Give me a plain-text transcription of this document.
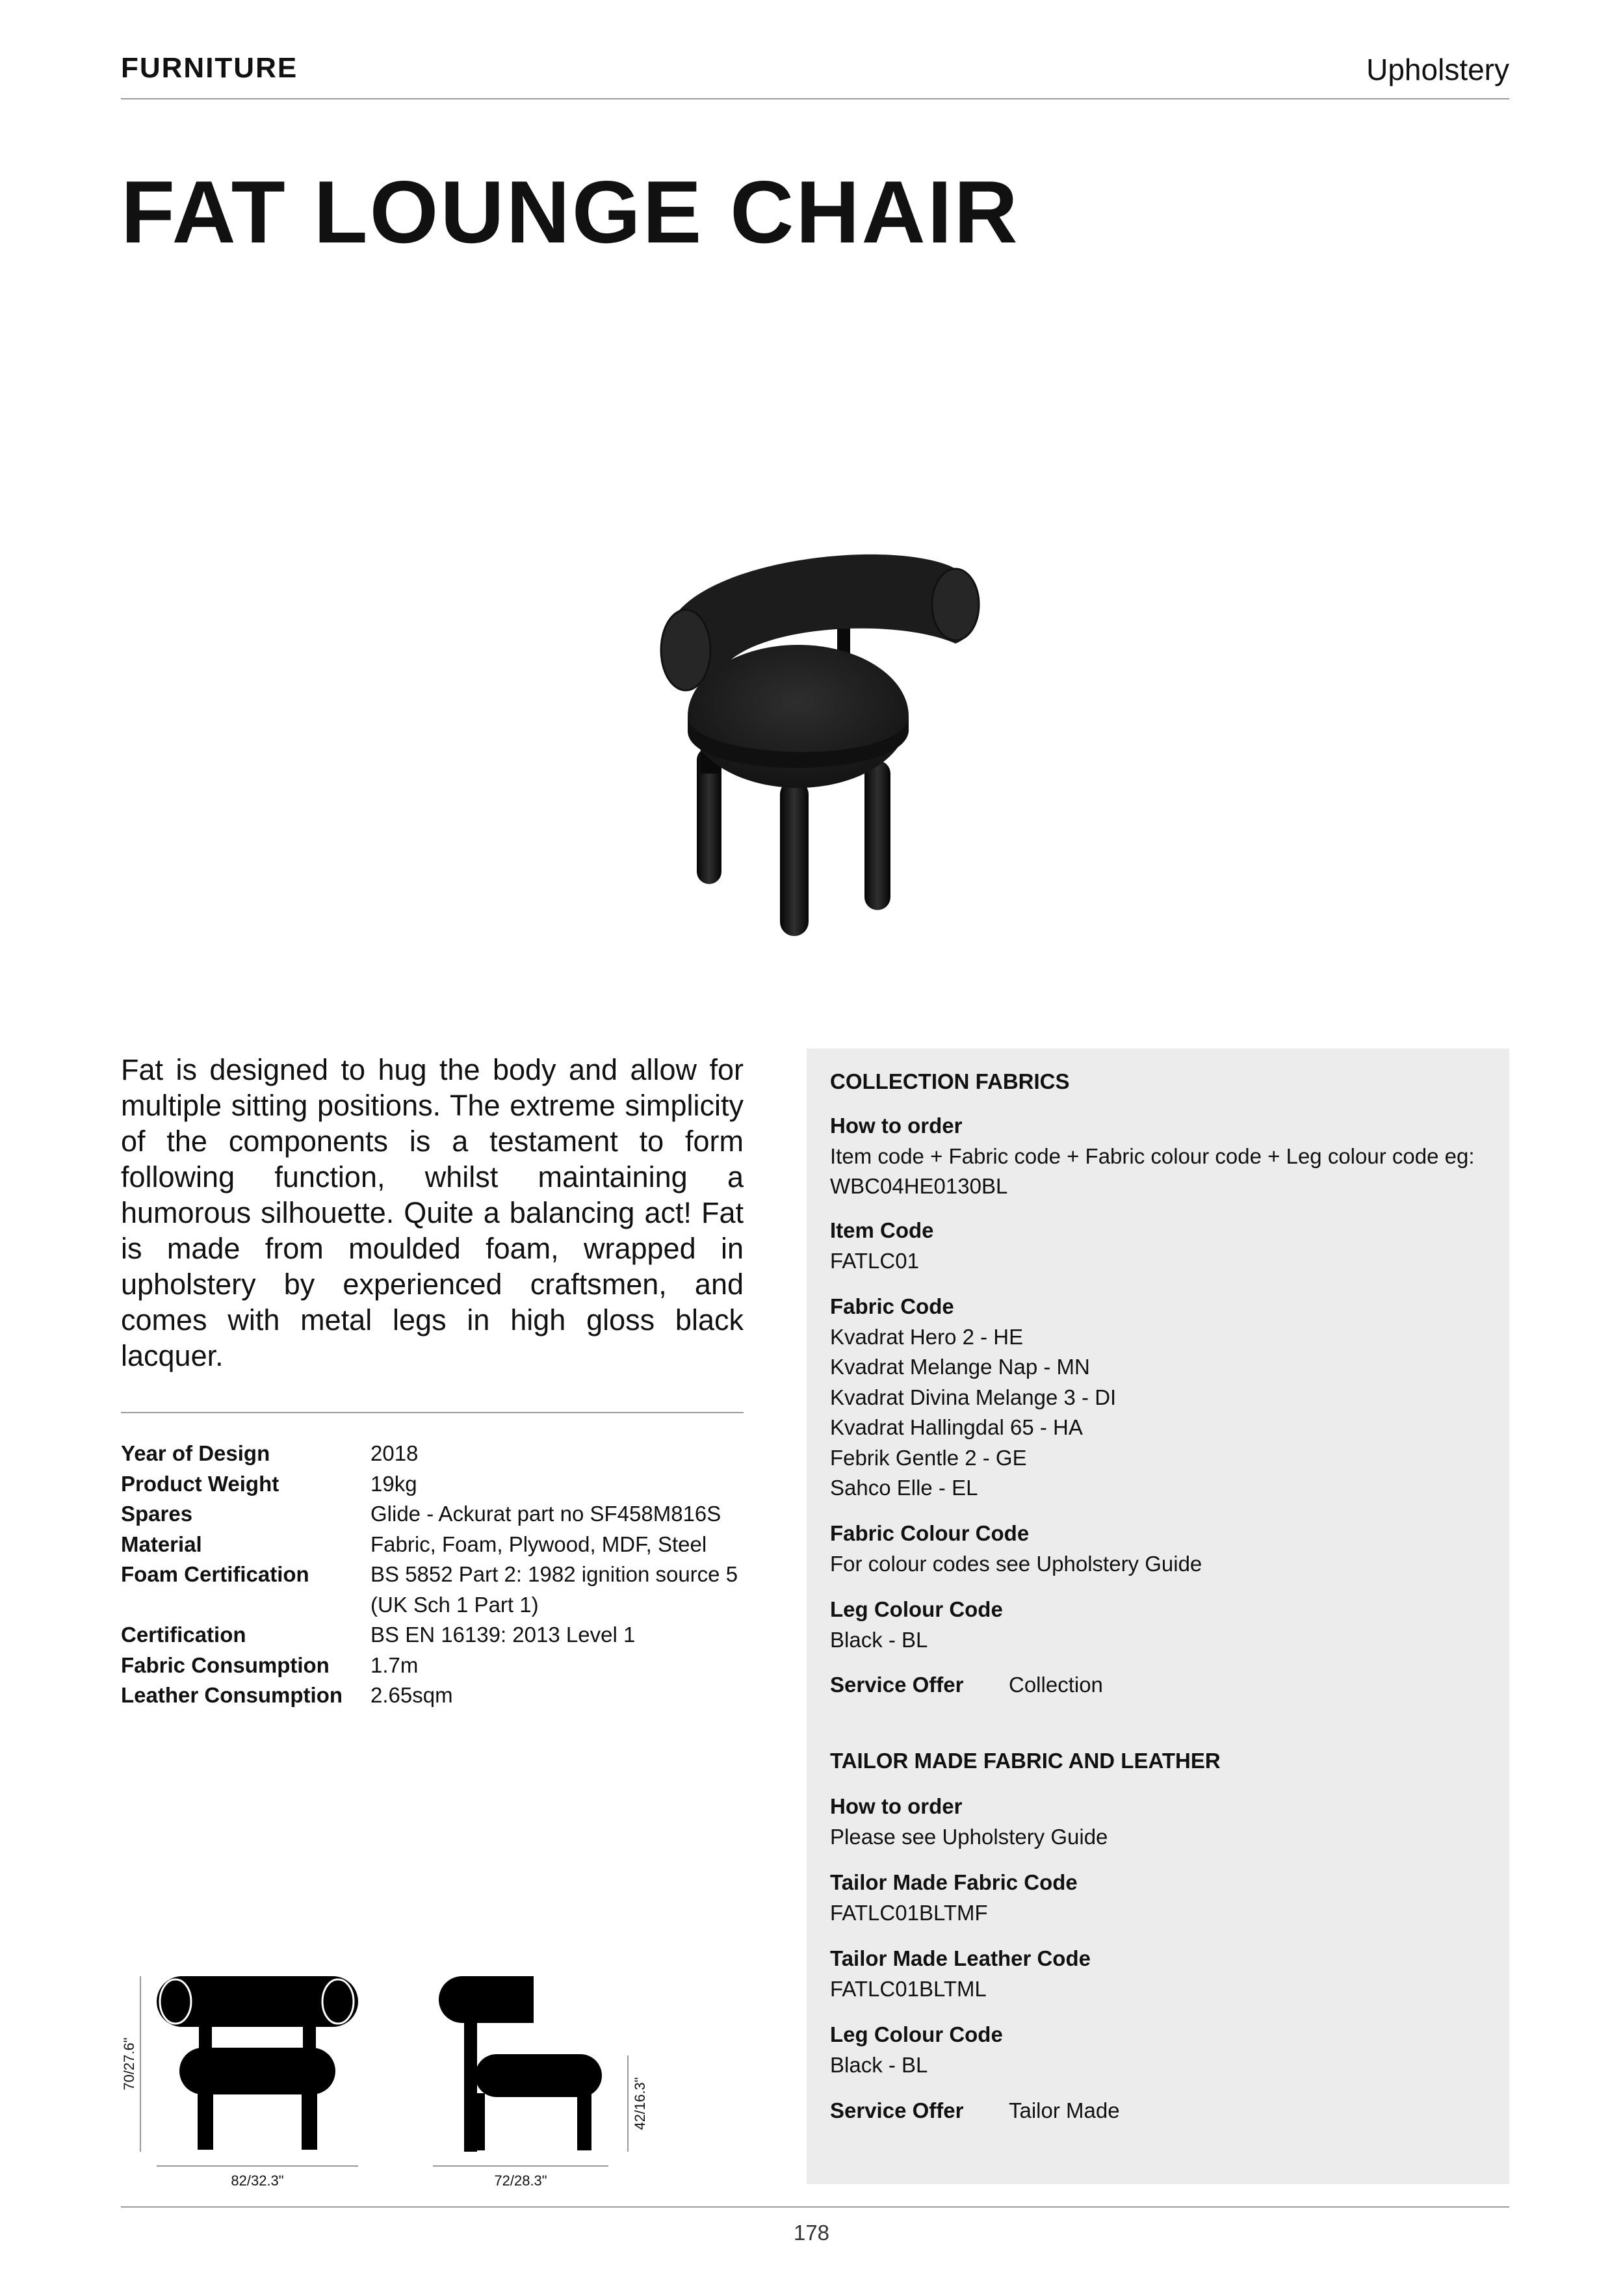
FURNITURE	Upholstery
FAT LOUNGE CHAIR

Fat is designed to hug the body and allow for multiple sitting positions. The extreme simplicity of the components is a testament to form following function, whilst maintaining a humorous silhouette. Quite a balancing act! Fat is made from moulded foam, wrapped in upholstery by experienced craftsmen, and comes with metal legs in high gloss black lacquer.

Year of Design	2018
Product Weight	19kg
Spares	Glide - Ackurat part no SF458M816S
Material	Fabric, Foam, Plywood, MDF, Steel
Foam Certification	BS 5852 Part 2: 1982 ignition source 5 (UK Sch 1 Part 1)
Certification	BS EN 16139: 2013 Level 1
Fabric Consumption	1.7m
Leather Consumption	2.65sqm
70/27.6"
82/32.3"
42/16.3"
72/28.3"
COLLECTION FABRICS
How to order
Item code + Fabric code + Fabric colour code + Leg colour code eg: WBC04HE0130BL
Item Code
FATLC01
Fabric Code
Kvadrat Hero 2 - HE
Kvadrat Melange Nap - MN
Kvadrat Divina Melange 3 - DI
Kvadrat Hallingdal 65 - HA
Febrik Gentle 2 - GE
Sahco Elle - EL
Fabric Colour Code
For colour codes see Upholstery Guide
Leg Colour Code
Black - BL
Service Offer	Collection
TAILOR MADE FABRIC AND LEATHER
How to order
Please see Upholstery Guide
Tailor Made Fabric Code
FATLC01BLTMF
Tailor Made Leather Code
FATLC01BLTML
Leg Colour Code
Black - BL
Service Offer	Tailor Made
178
